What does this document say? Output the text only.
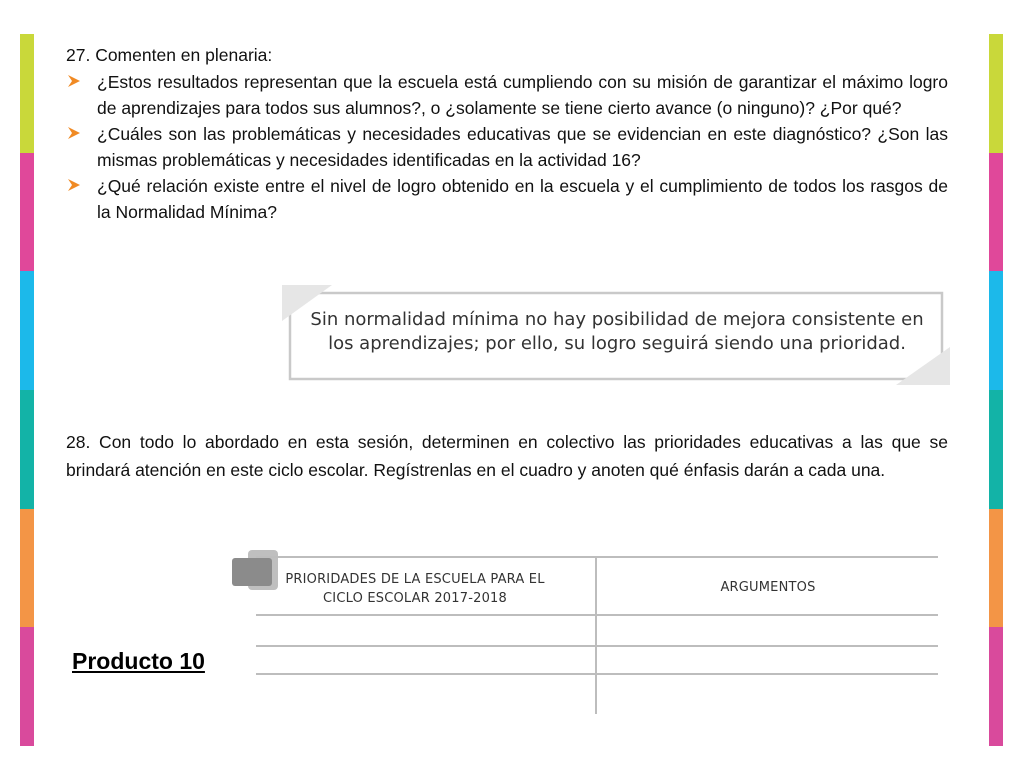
27. Comenten en plenaria:

¿Estos resultados representan que la escuela está cumpliendo con su misión de garantizar el máximo logro de aprendizajes para todos sus alumnos?, o ¿solamente se tiene cierto avance (o ninguno)? ¿Por qué?
¿Cuáles son las problemáticas y necesidades educativas que se evidencian en este diagnóstico? ¿Son las mismas problemáticas y necesidades identificadas en la actividad 16?
¿Qué relación existe entre el nivel de logro obtenido en la escuela y el cumplimiento de todos los rasgos de la Normalidad Mínima?
Sin normalidad mínima no hay posibilidad de mejora consistente en los aprendizajes; por ello, su logro seguirá siendo una prioridad.

28. Con todo lo abordado en esta sesión, determinen en colectivo las prioridades educativas a las que se brindará atención en este ciclo escolar. Regístrenlas en el cuadro y anoten qué énfasis darán a cada una.

PRIORIDADES DE LA ESCUELA PARA EL CICLO ESCOLAR 2017-2018
ARGUMENTOS
Producto 10
